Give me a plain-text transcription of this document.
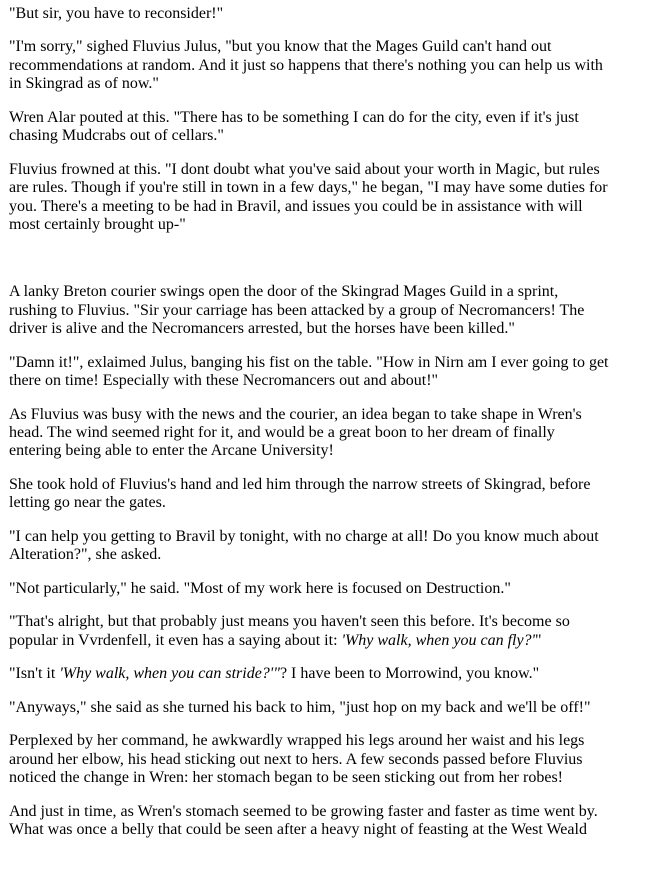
"But sir, you have to reconsider!"

"I'm sorry," sighed Fluvius Julus, "but you know that the Mages Guild can't hand out recommendations at random. And it just so happens that there's nothing you can help us with in Skingrad as of now."

Wren Alar pouted at this. "There has to be something I can do for the city, even if it's just chasing Mudcrabs out of cellars."

Fluvius frowned at this. "I dont doubt what you've said about your worth in Magic, but rules are rules. Though if you're still in town in a few days," he began, "I may have some duties for you. There's a meeting to be had in Bravil, and issues you could be in assistance with will most certainly brought up-"

A lanky Breton courier swings open the door of the Skingrad Mages Guild in a sprint, rushing to Fluvius. "Sir your carriage has been attacked by a group of Necromancers! The driver is alive and the Necromancers arrested, but the horses have been killed."

"Damn it!", exlaimed Julus, banging his fist on the table. "How in Nirn am I ever going to get there on time! Especially with these Necromancers out and about!"

As Fluvius was busy with the news and the courier, an idea began to take shape in Wren's head. The wind seemed right for it, and would be a great boon to her dream of finally entering being able to enter the Arcane University!

She took hold of Fluvius's hand and led him through the narrow streets of Skingrad, before letting go near the gates.

"I can help you getting to Bravil by tonight, with no charge at all! Do you know much about Alteration?", she asked.

"Not particularly," he said. "Most of my work here is focused on Destruction."

"That's alright, but that probably just means you haven't seen this before. It's become so popular in Vvrdenfell, it even has a saying about it: 'Why walk, when you can fly?'"

"Isn't it 'Why walk, when you can stride?'"? I have been to Morrowind, you know."

"Anyways," she said as she turned his back to him, "just hop on my back and we'll be off!"

Perplexed by her command, he awkwardly wrapped his legs around her waist and his legs around her elbow, his head sticking out next to hers. A few seconds passed before Fluvius noticed the change in Wren: her stomach began to be seen sticking out from her robes!

And just in time, as Wren's stomach seemed to be growing faster and faster as time went by. What was once a belly that could be seen after a heavy night of feasting at the West Weald
